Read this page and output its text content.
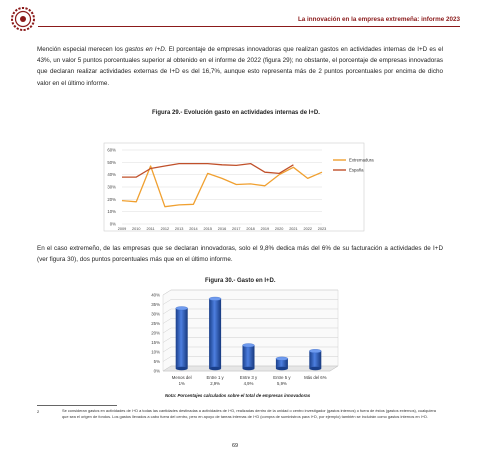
La innovación en la empresa extremeña: informe 2023

Mención especial merecen los gastos en I+D. El porcentaje de empresas innovadoras que realizan gastos en actividades internas de I+D es el 43%, un valor 5 puntos porcentuales superior al obtenido en el informe de 2022 (figura 29); no obstante, el porcentaje de empresas innovadoras que declaran realizar actividades externas de I+D es del 16,7%, aunque esto representa más de 2 puntos porcentuales por encima de dicho valor en el último informe.

Figura 29.- Evolución gasto en actividades internas de I+D.
0%
10%
20%
30%
40%
50%
60%
2009 2010 2011 2012 2013 2014 2015 2016 2017 2018 2019 2020 2021 2022 2023
Extremadura
España

En el caso extremeño, de las empresas que se declaran innovadoras, solo el 9,8% dedica más del 6% de su facturación a actividades de I+D (ver figura 30), dos puntos porcentuales más que en el último informe.

Figura 30.- Gasto en I+D.
0%
5%
10%
15%
20%
25%
30%
35%
40%
Menos del
1%
Entre 1 y
2,9%
Entre 3 y
4,9%
Entre 5 y
5,9%
Más del 6%
Nota: Porcentajes calculados sobre el total de empresas innovadoras
2	Se consideran gastos en actividades de I+D a todas las cantidades destinadas a actividades de I+D, realizadas dentro de la unidad o centro investigador (gastos internos) o fuera de éstos (gastos externos), cualquiera que sea el origen de fondos. Los gastos llevados a cabo fuera del centro, pero en apoyo de tareas internas de I+D (compra de suministros para I+D, por ejemplo) también se incluirán como gastos internos en I+D.

69
